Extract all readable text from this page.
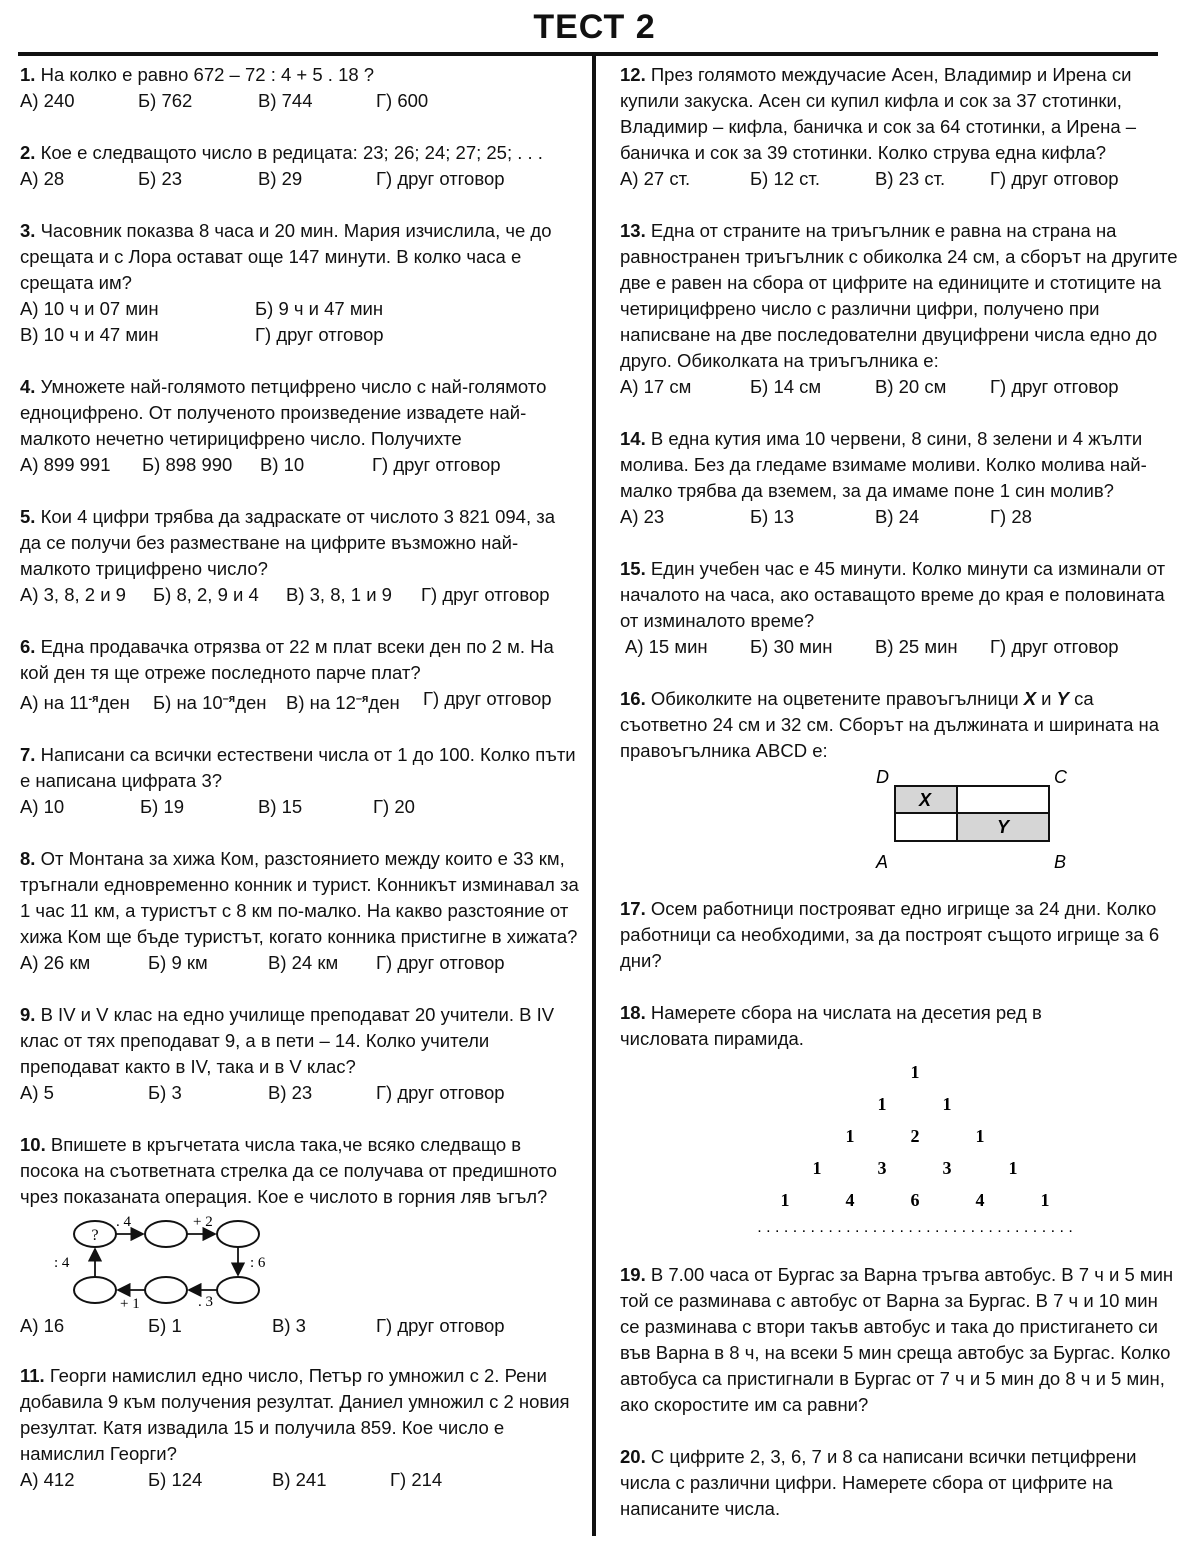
ТЕСТ 2

1. На колко е равно 672 – 72 : 4 + 5 . 18 ?

А) 240	Б) 762	В) 744	Г) 600

2. Кое е следващото число в редицата: 23; 26; 24; 27; 25; . . .

А) 28	Б) 23	В) 29	Г) друг отговор

3. Часовник показва 8 часа и 20 мин. Мария изчислила, че до срещата и с Лора остават още 147 минути. В колко часа е срещата им?

А) 10 ч и 07 мин	Б) 9 ч и 47 мин
В) 10 ч и 47 мин	Г) друг отговор

4. Умножете най-голямото петцифрено число с най-голямото едноцифрено. От полученото произведение извадете най-малкото нечетно четирицифрено число. Получихте

А) 899 991	Б) 898 990	В) 10	Г) друг отговор

5. Кои 4 цифри трябва да задраскате от числото 3 821 094, за да се получи без разместване на цифрите възможно най-малкото трицифрено число?

А) 3, 8, 2 и 9	Б) 8, 2, 9 и 4	В) 3, 8, 1 и 9	Г) друг отговор

6. Една продавачка отрязва от 22 м плат всеки ден по 2 м. На кой ден тя ще отреже последното парче плат?

А) на 11-яден	Б) на 10–яден	В) на 12–яден	Г) друг отговор

7. Написани са всички естествени числа от 1 до 100. Колко пъти е написана цифрата 3?

А) 10	Б) 19	В) 15	Г) 20

8. От Монтана за хижа Ком, разстоянието между които е 33 км, тръгнали едновременно конник и турист. Конникът изминавал за 1 час 11 км, а туристът с 8 км по-малко. На какво разстояние от хижа Ком ще бъде туристът, когато конника пристигне в хижата?

А) 26 км	Б) 9 км	В) 24 км	Г) друг отговор

9. В IV и V клас на едно училище преподават 20 учители. В IV клас от тях преподават 9, а в пети – 14. Колко учители преподават както в IV, така и в V клас?

А) 5	Б) 3	В) 23	Г) друг отговор

10. Впишете в кръгчетата числа така,че всяко следващо в посока на съответната стрелка да се получава от предишното чрез показаната операция. Кое е числото в горния ляв ъгъл?

?
. 4	+ 2
: 6
. 3
+ 1
: 4
А) 16	Б) 1	В) 3	Г) друг отговор

11. Георги намислил едно число, Петър го умножил с 2. Рени добавила 9 към получения резултат. Даниел умножил с 2 новия резултат. Катя извадила 15 и получила 859. Кое число е намислил Георги?

А) 412	Б) 124	В) 241	Г) 214

12. През голямото междучасие Асен, Владимир и Ирена си купили закуска. Асен си купил кифла и сок за 37 стотинки, Владимир – кифла, баничка и сок за 64 стотинки, а Ирена – баничка и сок за 39 стотинки. Колко струва една кифла?

А) 27 ст.	Б) 12 ст.	В) 23 ст.	Г) друг отговор

13. Една от страните на триъгълник е равна на страна на равностранен триъгълник с обиколка 24 см, а сборът на другите две е равен на сбора от цифрите на единиците и стотиците на четирицифрено число с различни цифри, получено при написване на две последователни двуцифрени числа едно до друго. Обиколката на триъгълника е:

А) 17 см	Б) 14 см	В) 20 см	Г) друг отговор

14. В една кутия има 10 червени, 8 сини, 8 зелени и 4 жълти молива. Без да гледаме взимаме моливи. Колко молива най-малко трябва да вземем, за да имаме поне 1 син молив?

А) 23	Б) 13	В) 24	Г) 28

15. Един учебен час е 45 минути. Колко минути са изминали от началото на часа, ако оставащото време до края е половината от изминалото време?

А) 15 мин	Б) 30 мин	В) 25 мин	Г) друг отговор

16. Обиколките на оцветените правоъгълници X и Y са съответно 24 см и 32 см. Сборът на дължината и ширината на правоъгълника ABCD е:

X
Y
D	C
A	B

17. Осем работници построяват едно игрище за 24 дни. Колко работници са необходими, за да построят същото игрище за 6 дни?

18. Намерете сбора на числата на десетия ред в числовата пирамида.

1
1	1
1	2	1
1	3	3	1
1	4	6	4	1
. . . . . . . . . . . . . . . . . . . . . . . . . . . . . . . . . . . .

19. В 7.00 часа от Бургас за Варна тръгва автобус. В 7 ч и 5 мин той се разминава с автобус от Варна за Бургас. В 7 ч и 10 мин се разминава с втори такъв автобус и така до пристигането си във Варна в 8 ч, на всеки 5 мин среща автобус за Бургас. Колко автобуса са пристигнали в Бургас от 7 ч и 5 мин до 8 ч и 5 мин, ако скоростите им са равни?

20. С цифрите 2, 3, 6, 7 и 8 са написани всички петцифрени числа с различни цифри. Намерете сбора от цифрите на написаните числа.
